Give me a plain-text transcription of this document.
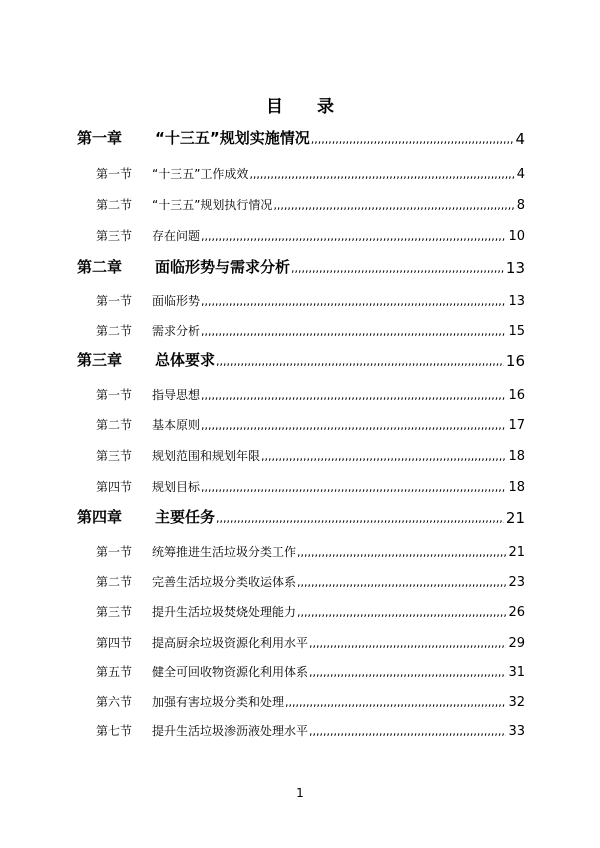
目 录
第一章 “十三五”规划实施情况 ,,,,,,,,,,,,,,,,,,,,,,,,,,,,,,,,,,,,,,,,,,,,,,,,,,,,,,,,,,,,,,,,,,,,,,,,,,,,,,,,,,,,,,,,,,,,,,,,,,,,,,,,,,,,,,,,,,,,,,,,,,,,,,,,,,,,,,,,,,,,,,,,,,,,,,,,,,,,,,,,,,,,,,,,,,,,,,,,	4
第一节 “十三五”工作成效 ,,,,,,,,,,,,,,,,,,,,,,,,,,,,,,,,,,,,,,,,,,,,,,,,,,,,,,,,,,,,,,,,,,,,,,,,,,,,,,,,,,,,,,,,,,,,,,,,,,,,,,,,,,,,,,,,,,,,,,,,,,,,,,,,,,,,,,,,,,,,,,,,,,,,,,,,,,,,,,,,,,,,,,,,,,,,,,,,	4
第二节 “十三五”规划执行情况 ,,,,,,,,,,,,,,,,,,,,,,,,,,,,,,,,,,,,,,,,,,,,,,,,,,,,,,,,,,,,,,,,,,,,,,,,,,,,,,,,,,,,,,,,,,,,,,,,,,,,,,,,,,,,,,,,,,,,,,,,,,,,,,,,,,,,,,,,,,,,,,,,,,,,,,,,,,,,,,,,,,,,,,,,,,,,,,,,	8
第三节 存在问题 ,,,,,,,,,,,,,,,,,,,,,,,,,,,,,,,,,,,,,,,,,,,,,,,,,,,,,,,,,,,,,,,,,,,,,,,,,,,,,,,,,,,,,,,,,,,,,,,,,,,,,,,,,,,,,,,,,,,,,,,,,,,,,,,,,,,,,,,,,,,,,,,,,,,,,,,,,,,,,,,,,,,,,,,,,,,,,,,,	10
第二章 面临形势与需求分析 ,,,,,,,,,,,,,,,,,,,,,,,,,,,,,,,,,,,,,,,,,,,,,,,,,,,,,,,,,,,,,,,,,,,,,,,,,,,,,,,,,,,,,,,,,,,,,,,,,,,,,,,,,,,,,,,,,,,,,,,,,,,,,,,,,,,,,,,,,,,,,,,,,,,,,,,,,,,,,,,,,,,,,,,,,,,,,,,,	13
第一节 面临形势 ,,,,,,,,,,,,,,,,,,,,,,,,,,,,,,,,,,,,,,,,,,,,,,,,,,,,,,,,,,,,,,,,,,,,,,,,,,,,,,,,,,,,,,,,,,,,,,,,,,,,,,,,,,,,,,,,,,,,,,,,,,,,,,,,,,,,,,,,,,,,,,,,,,,,,,,,,,,,,,,,,,,,,,,,,,,,,,,,	13
第二节 需求分析 ,,,,,,,,,,,,,,,,,,,,,,,,,,,,,,,,,,,,,,,,,,,,,,,,,,,,,,,,,,,,,,,,,,,,,,,,,,,,,,,,,,,,,,,,,,,,,,,,,,,,,,,,,,,,,,,,,,,,,,,,,,,,,,,,,,,,,,,,,,,,,,,,,,,,,,,,,,,,,,,,,,,,,,,,,,,,,,,,	15
第三章 总体要求 ,,,,,,,,,,,,,,,,,,,,,,,,,,,,,,,,,,,,,,,,,,,,,,,,,,,,,,,,,,,,,,,,,,,,,,,,,,,,,,,,,,,,,,,,,,,,,,,,,,,,,,,,,,,,,,,,,,,,,,,,,,,,,,,,,,,,,,,,,,,,,,,,,,,,,,,,,,,,,,,,,,,,,,,,,,,,,,,,	16
第一节 指导思想 ,,,,,,,,,,,,,,,,,,,,,,,,,,,,,,,,,,,,,,,,,,,,,,,,,,,,,,,,,,,,,,,,,,,,,,,,,,,,,,,,,,,,,,,,,,,,,,,,,,,,,,,,,,,,,,,,,,,,,,,,,,,,,,,,,,,,,,,,,,,,,,,,,,,,,,,,,,,,,,,,,,,,,,,,,,,,,,,,	16
第二节 基本原则 ,,,,,,,,,,,,,,,,,,,,,,,,,,,,,,,,,,,,,,,,,,,,,,,,,,,,,,,,,,,,,,,,,,,,,,,,,,,,,,,,,,,,,,,,,,,,,,,,,,,,,,,,,,,,,,,,,,,,,,,,,,,,,,,,,,,,,,,,,,,,,,,,,,,,,,,,,,,,,,,,,,,,,,,,,,,,,,,,	17
第三节 规划范围和规划年限 ,,,,,,,,,,,,,,,,,,,,,,,,,,,,,,,,,,,,,,,,,,,,,,,,,,,,,,,,,,,,,,,,,,,,,,,,,,,,,,,,,,,,,,,,,,,,,,,,,,,,,,,,,,,,,,,,,,,,,,,,,,,,,,,,,,,,,,,,,,,,,,,,,,,,,,,,,,,,,,,,,,,,,,,,,,,,,,,,	18
第四节 规划目标 ,,,,,,,,,,,,,,,,,,,,,,,,,,,,,,,,,,,,,,,,,,,,,,,,,,,,,,,,,,,,,,,,,,,,,,,,,,,,,,,,,,,,,,,,,,,,,,,,,,,,,,,,,,,,,,,,,,,,,,,,,,,,,,,,,,,,,,,,,,,,,,,,,,,,,,,,,,,,,,,,,,,,,,,,,,,,,,,,	18
第四章 主要任务 ,,,,,,,,,,,,,,,,,,,,,,,,,,,,,,,,,,,,,,,,,,,,,,,,,,,,,,,,,,,,,,,,,,,,,,,,,,,,,,,,,,,,,,,,,,,,,,,,,,,,,,,,,,,,,,,,,,,,,,,,,,,,,,,,,,,,,,,,,,,,,,,,,,,,,,,,,,,,,,,,,,,,,,,,,,,,,,,,	21
第一节 统筹推进生活垃圾分类工作 ,,,,,,,,,,,,,,,,,,,,,,,,,,,,,,,,,,,,,,,,,,,,,,,,,,,,,,,,,,,,,,,,,,,,,,,,,,,,,,,,,,,,,,,,,,,,,,,,,,,,,,,,,,,,,,,,,,,,,,,,,,,,,,,,,,,,,,,,,,,,,,,,,,,,,,,,,,,,,,,,,,,,,,,,,,,,,,,,	21
第二节 完善生活垃圾分类收运体系 ,,,,,,,,,,,,,,,,,,,,,,,,,,,,,,,,,,,,,,,,,,,,,,,,,,,,,,,,,,,,,,,,,,,,,,,,,,,,,,,,,,,,,,,,,,,,,,,,,,,,,,,,,,,,,,,,,,,,,,,,,,,,,,,,,,,,,,,,,,,,,,,,,,,,,,,,,,,,,,,,,,,,,,,,,,,,,,,,	23
第三节 提升生活垃圾焚烧处理能力 ,,,,,,,,,,,,,,,,,,,,,,,,,,,,,,,,,,,,,,,,,,,,,,,,,,,,,,,,,,,,,,,,,,,,,,,,,,,,,,,,,,,,,,,,,,,,,,,,,,,,,,,,,,,,,,,,,,,,,,,,,,,,,,,,,,,,,,,,,,,,,,,,,,,,,,,,,,,,,,,,,,,,,,,,,,,,,,,,	26
第四节 提高厨余垃圾资源化利用水平 ,,,,,,,,,,,,,,,,,,,,,,,,,,,,,,,,,,,,,,,,,,,,,,,,,,,,,,,,,,,,,,,,,,,,,,,,,,,,,,,,,,,,,,,,,,,,,,,,,,,,,,,,,,,,,,,,,,,,,,,,,,,,,,,,,,,,,,,,,,,,,,,,,,,,,,,,,,,,,,,,,,,,,,,,,,,,,,,,	29
第五节 健全可回收物资源化利用体系 ,,,,,,,,,,,,,,,,,,,,,,,,,,,,,,,,,,,,,,,,,,,,,,,,,,,,,,,,,,,,,,,,,,,,,,,,,,,,,,,,,,,,,,,,,,,,,,,,,,,,,,,,,,,,,,,,,,,,,,,,,,,,,,,,,,,,,,,,,,,,,,,,,,,,,,,,,,,,,,,,,,,,,,,,,,,,,,,,	31
第六节 加强有害垃圾分类和处理 ,,,,,,,,,,,,,,,,,,,,,,,,,,,,,,,,,,,,,,,,,,,,,,,,,,,,,,,,,,,,,,,,,,,,,,,,,,,,,,,,,,,,,,,,,,,,,,,,,,,,,,,,,,,,,,,,,,,,,,,,,,,,,,,,,,,,,,,,,,,,,,,,,,,,,,,,,,,,,,,,,,,,,,,,,,,,,,,,	32
第七节 提升生活垃圾渗沥液处理水平 ,,,,,,,,,,,,,,,,,,,,,,,,,,,,,,,,,,,,,,,,,,,,,,,,,,,,,,,,,,,,,,,,,,,,,,,,,,,,,,,,,,,,,,,,,,,,,,,,,,,,,,,,,,,,,,,,,,,,,,,,,,,,,,,,,,,,,,,,,,,,,,,,,,,,,,,,,,,,,,,,,,,,,,,,,,,,,,,,	33
1
